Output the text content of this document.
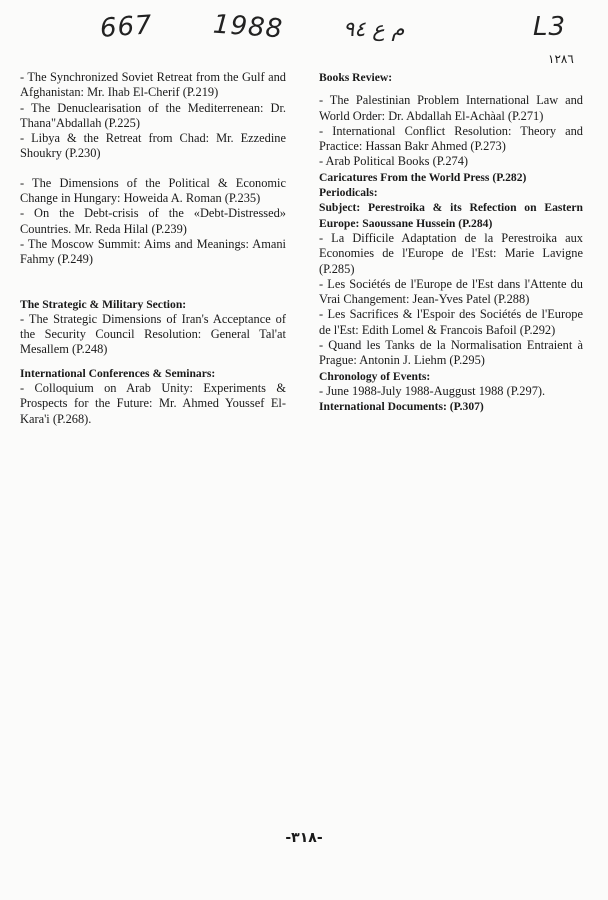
667 1988	م ع ٩٤	L3
١٢٨٦
- The Synchronized Soviet Retreat from the Gulf and Afghanistan: Mr. Ihab El-Cherif (P.219)
- The Denuclearisation of the Mediterrenean: Dr. Thana"Abdallah (P.225)
- Libya & the Retreat from Chad: Mr. Ezzedine Shoukry (P.230)
- The Dimensions of the Political & Economic Change in Hungary: Howeida A. Roman (P.235)
- On the Debt-crisis of the «Debt-Distressed» Countries. Mr. Reda Hilal (P.239)
- The Moscow Summit: Aims and Meanings: Amani Fahmy (P.249)
The Strategic & Military Section:
- The Strategic Dimensions of Iran's Acceptance of the Security Council Resolution: General Tal'at Mesallem (P.248)
International Conferences & Seminars:
- Colloquium on Arab Unity: Experiments & Prospects for the Future: Mr. Ahmed Youssef El-Kara'i (P.268).
Books Review:
- The Palestinian Problem International Law and World Order: Dr. Abdallah El-Achàal (P.271)
- International Conflict Resolution: Theory and Practice: Hassan Bakr Ahmed (P.273)
- Arab Political Books (P.274)
Caricatures From the World Press (P.282)
Periodicals:
Subject: Perestroika & its Refection on Eastern Europe: Saoussane Hussein (P.284)
- La Difficile Adaptation de la Perestroika aux Economies de l'Europe de l'Est: Marie Lavigne (P.285)
- Les Sociétés de l'Europe de l'Est dans l'Attente du Vrai Changement: Jean-Yves Patel (P.288)
- Les Sacrifices & l'Espoir des Sociétés de l'Europe de l'Est: Edith Lomel & Francois Bafoil (P.292)
- Quand les Tanks de la Normalisation Entraient à Prague: Antonin J. Liehm (P.295)
Chronology of Events:
- June 1988-July 1988-Auggust 1988 (P.297).
International Documents: (P.307)
-٣١٨-
